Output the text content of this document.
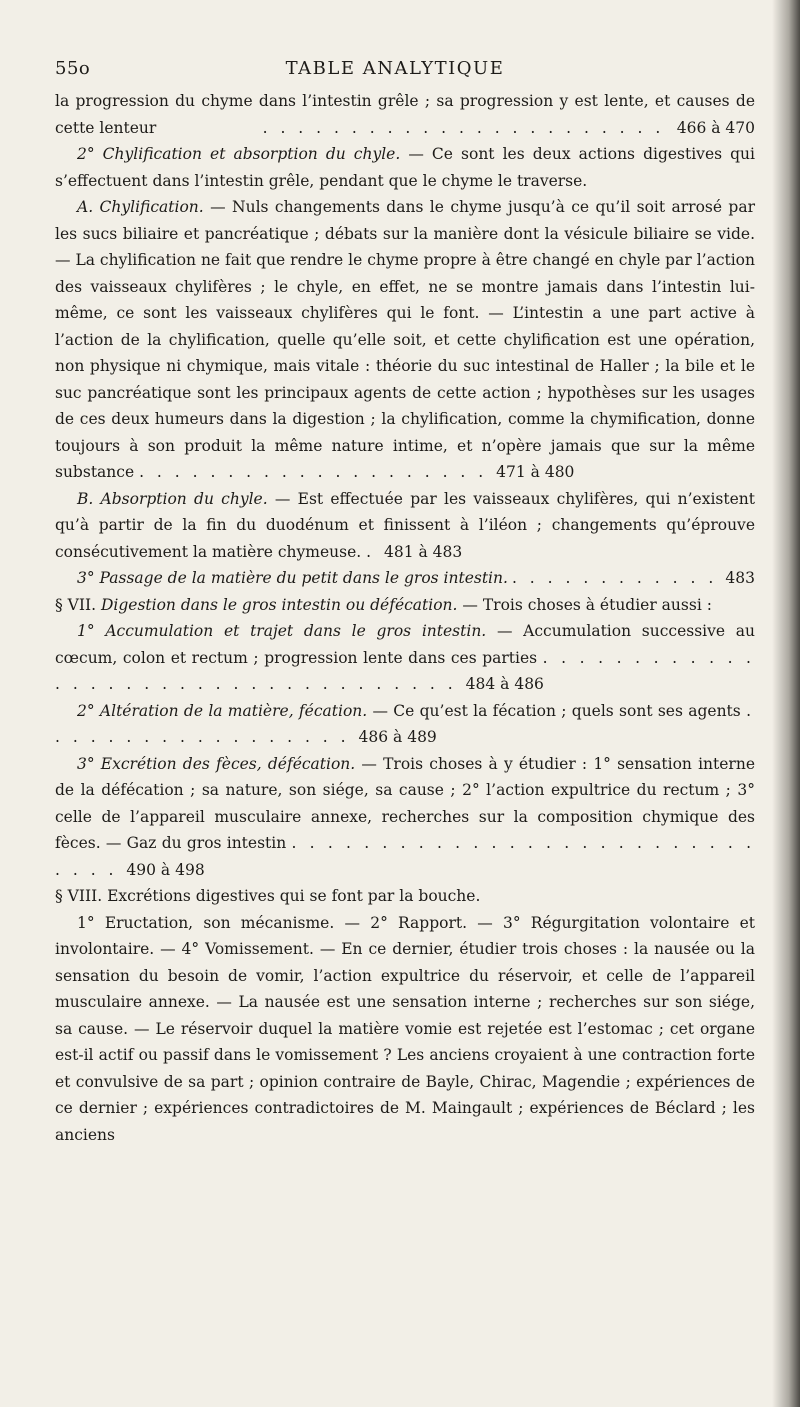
55o	TABLE ANALYTIQUE
la progression du chyme dans l’intestin grêle ; sa progression y est lente, et causes de cette lenteur . . .	466 à 470
2° Chylification et absorption du chyle. — Ce sont les deux actions digestives qui s’effectuent dans l’intestin grêle, pendant que le chyme le traverse.
A. Chylification. — Nuls changements dans le chyme jusqu’à ce qu’il soit arrosé par les sucs biliaire et pancréatique ; débats sur la manière dont la vésicule biliaire se vide. — La chylification ne fait que rendre le chyme propre à être changé en chyle par l’action des vaisseaux chylifères ; le chyle, en effet, ne se montre jamais dans l’intestin lui-même, ce sont les vaisseaux chylifères qui le font. — L’intestin a une part active à l’action de la chylification, quelle qu’elle soit, et cette chylification est une opération, non physique ni chymique, mais vitale : théorie du suc intestinal de Haller ; la bile et le suc pancréatique sont les principaux agents de cette action ; hypothèses sur les usages de ces deux humeurs dans la digestion ; la chylification, comme la chymification, donne toujours à son produit la même nature intime, et n’opère jamais que sur la même substance . . . . . . . . . . . . . . . . . . . . 471 à 480
B. Absorption du chyle. — Est effectuée par les vaisseaux chylifères, qui n’existent qu’à partir de la fin du duodénum et finissent à l’iléon ; changements qu’éprouve consécutivement la matière chymeuse. . 481 à 483
3° Passage de la matière du petit dans le gros intestin. . . .	483
§ VII. Digestion dans le gros intestin ou défécation. — Trois choses à étudier aussi :
1° Accumulation et trajet dans le gros intestin. — Accumulation successive au cœcum, colon et rectum ; progression lente dans ces parties . . . . . . . . . . . . . . . . . . . . . . . . . . . . . . . . . . . 484 à 486
2° Altération de la matière, fécation. — Ce qu’est la fécation ; quels sont ses agents . . . . . . . . . . . . . . . . . . 486 à 489
3° Excrétion des fèces, défécation. — Trois choses à y étudier : 1° sensation interne de la défécation ; sa nature, son siége, sa cause ; 2° l’action expultrice du rectum ; 3° celle de l’appareil musculaire annexe, recherches sur la composition chymique des fèces. — Gaz du gros intestin . . . . . . . . . . . . . . . . . . . . . . . . . . . . . . 490 à 498
§ VIII. Excrétions digestives qui se font par la bouche.
1° Eructation, son mécanisme. — 2° Rapport. — 3° Régurgitation volontaire et involontaire. — 4° Vomissement. — En ce dernier, étudier trois choses : la nausée ou la sensation du besoin de vomir, l’action expultrice du réservoir, et celle de l’appareil musculaire annexe. — La nausée est une sensation interne ; recherches sur son siége, sa cause. — Le réservoir duquel la matière vomie est rejetée est l’estomac ; cet organe est-il actif ou passif dans le vomissement ? Les anciens croyaient à une contraction forte et convulsive de sa part ; opinion contraire de Bayle, Chirac, Magendie ; expériences de ce dernier ; expériences contradictoires de M. Maingault ; expériences de Béclard ; les anciens
